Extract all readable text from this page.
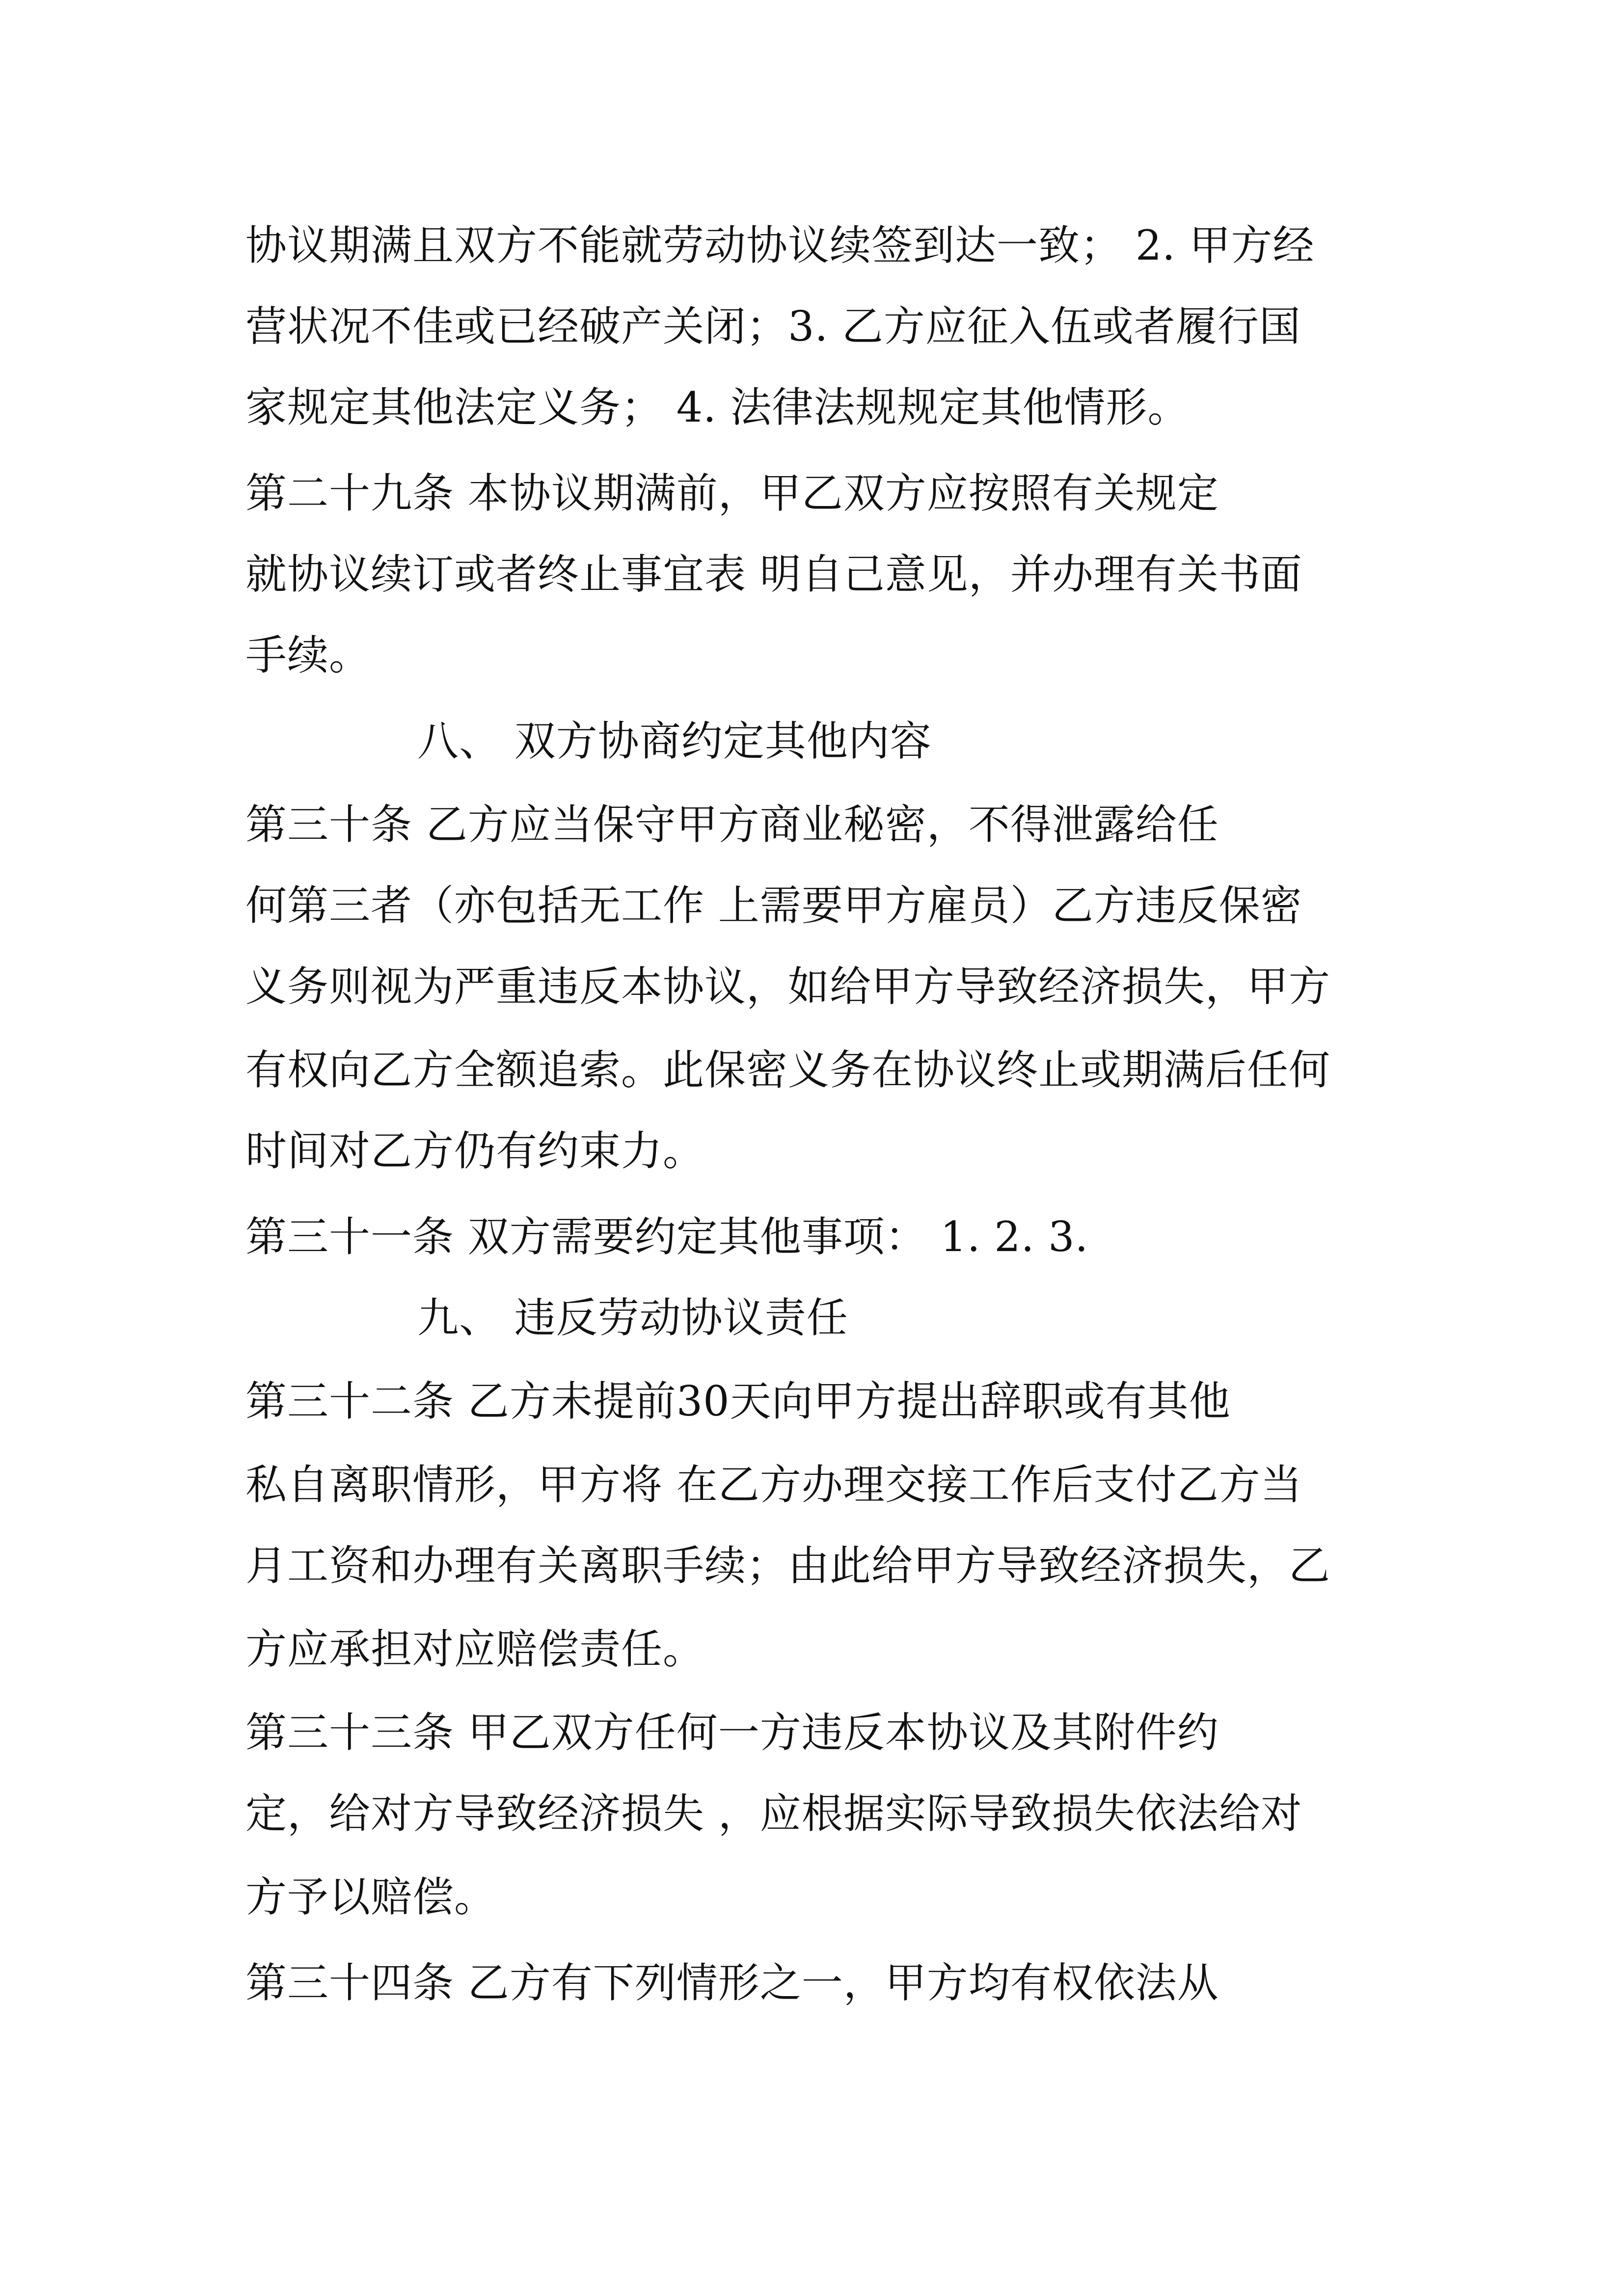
协议期满且双方不能就劳动协议续签到达一致； 2. 甲方经
营状况不佳或已经破产关闭；3. 乙方应征入伍或者履行国
家规定其他法定义务； 4. 法律法规规定其他情形。
第二十九条 本协议期满前，甲乙双方应按照有关规定
就协议续订或者终止事宜表 明自己意见，并办理有关书面
手续。
八、 双方协商约定其他内容
第三十条 乙方应当保守甲方商业秘密，不得泄露给任
何第三者（亦包括无工作 上需要甲方雇员）乙方违反保密
义务则视为严重违反本协议，如给甲方导致经济损失，甲方
有权向乙方全额追索。此保密义务在协议终止或期满后任何
时间对乙方仍有约束力。
第三十一条 双方需要约定其他事项： 1. 2. 3.
九、 违反劳动协议责任
第三十二条 乙方未提前30天向甲方提出辞职或有其他
私自离职情形，甲方将 在乙方办理交接工作后支付乙方当
月工资和办理有关离职手续；由此给甲方导致经济损失，乙
方应承担对应赔偿责任。
第三十三条 甲乙双方任何一方违反本协议及其附件约
定，给对方导致经济损失 ，应根据实际导致损失依法给对
方予以赔偿。
第三十四条 乙方有下列情形之一，甲方均有权依法从
